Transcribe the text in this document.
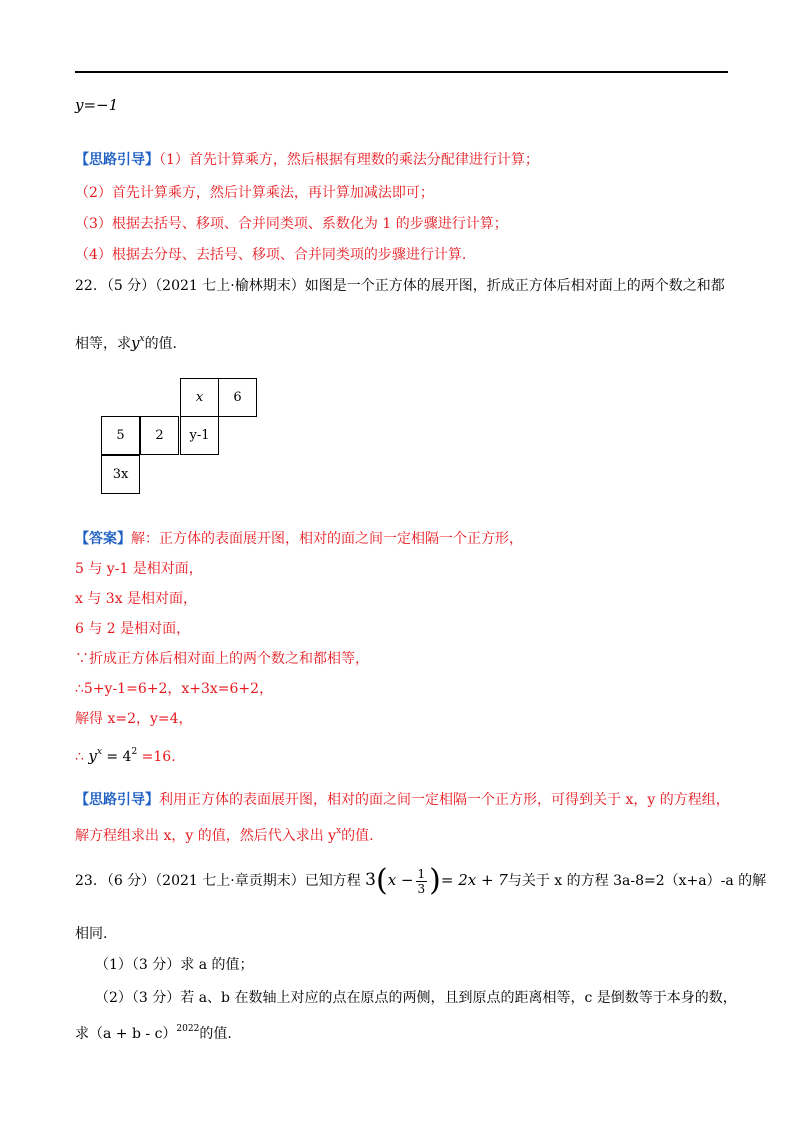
y=−1
【思路引导】（1）首先计算乘方，然后根据有理数的乘法分配律进行计算；
（2）首先计算乘方，然后计算乘法，再计算加减法即可；
（3）根据去括号、移项、合并同类项、系数化为 1 的步骤进行计算；
（4）根据去分母、去括号、移项、合并同类项的步骤进行计算.
22．（5 分）（2021 七上·榆林期末）如图是一个正方体的展开图，折成正方体后相对面上的两个数之和都
相等，求$y^x$的值.
x	6
5	2	y-1
3x
【答案】解：正方体的表面展开图，相对的面之间一定相隔一个正方形，
5 与 y-1 是相对面，
x 与 3x 是相对面，
6 与 2 是相对面，
∵折成正方体后相对面上的两个数之和都相等，
∴5+y-1=6+2，x+3x=6+2，
解得 x=2，y=4，
∴ $y^x = 4^2 =16$.
【思路引导】利用正方体的表面展开图，相对的面之间一定相隔一个正方形，可得到关于 x，y 的方程组，
解方程组求出 x，y 的值，然后代入求出 $y^x$的值.
23．（6 分）（2021 七上·章贡期末）已知方程 $3(x - \frac{1}{3}$ )= 2x + 7与关于 x 的方程 3a-8=2（x+a）-a 的解
相同.
（1）（3 分）求 a 的值；
（2）（3 分）若 a、b 在数轴上对应的点在原点的两侧，且到原点的距离相等，c 是倒数等于本身的数，
求$(a + b - c)^{2022}$的值.
